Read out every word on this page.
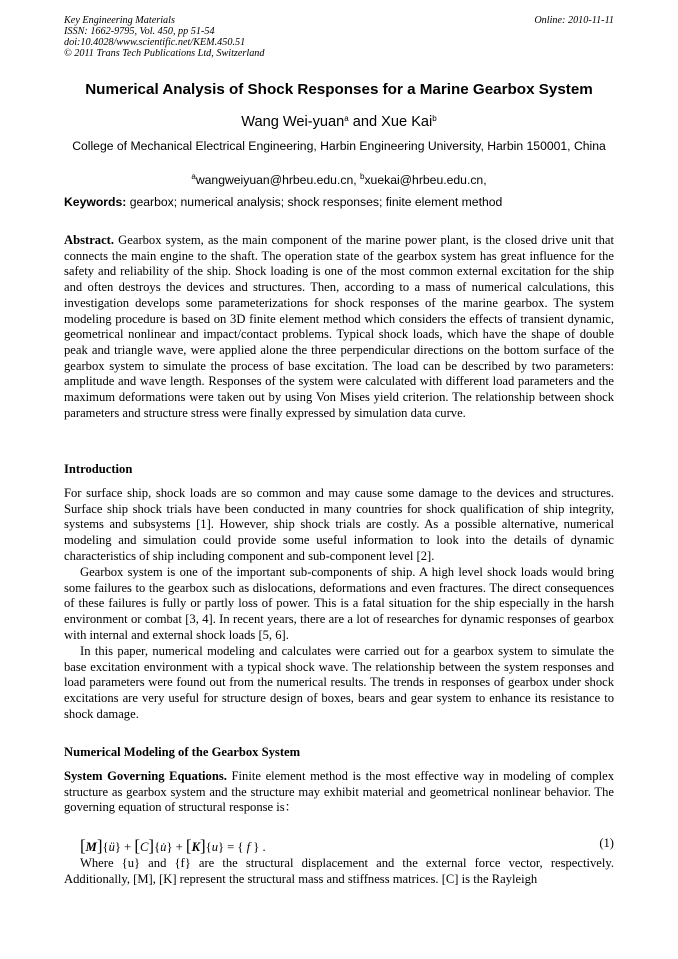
Key Engineering Materials
ISSN: 1662-9795, Vol. 450, pp 51-54
doi:10.4028/www.scientific.net/KEM.450.51
© 2011 Trans Tech Publications Ltd, Switzerland
Online: 2010-11-11
Numerical Analysis of Shock Responses for a Marine Gearbox System
Wang Wei-yuan$^a$ and Xue Kai$^b$
College of Mechanical Electrical Engineering, Harbin Engineering University, Harbin 150001, China

$^a$wangweiyuan@hrbeu.edu.cn, $^b$xuekai@hrbeu.edu.cn,
Keywords: gearbox; numerical analysis; shock responses; finite element method
Abstract. Gearbox system, as the main component of the marine power plant, is the closed drive unit that connects the main engine to the shaft. The operation state of the gearbox system has great influence for the safety and reliability of the ship. Shock loading is one of the most common external excitation for the ship and often destroys the devices and structures. Then, according to a mass of numerical calculations, this investigation develops some parameterizations for shock responses of the marine gearbox. The system modeling procedure is based on 3D finite element method which considers the effects of transient dynamic, geometrical nonlinear and impact/contact problems. Typical shock loads, which have the shape of double peak and triangle wave, were applied alone the three perpendicular directions on the bottom surface of the gearbox system to simulate the process of base excitation. The load can be described by two parameters: amplitude and wave length. Responses of the system were calculated with different load parameters and the maximum deformations were taken out by using Von Mises yield criterion. The relationship between shock parameters and structure stress were finally expressed by simulation data curve.
Introduction
For surface ship, shock loads are so common and may cause some damage to the devices and structures. Surface ship shock trials have been conducted in many countries for shock qualification of ship integrity, systems and subsystems [1]. However, ship shock trials are costly. As a possible alternative, numerical modeling and simulation could provide some useful information to look into the details of dynamic characteristics of ship including component and sub-component level [2].
Gearbox system is one of the important sub-components of ship. A high level shock loads would bring some failures to the gearbox such as dislocations, deformations and even fractures. The direct consequences of these failures is fully or partly loss of power. This is a fatal situation for the ship especially in the harsh environment or combat [3, 4]. In recent years, there are a lot of researches for dynamic responses of gearbox with internal and external shock loads [5, 6].
In this paper, numerical modeling and calculates were carried out for a gearbox system to simulate the base excitation environment with a typical shock wave. The relationship between the system responses and load parameters were found out from the numerical results. The trends in responses of gearbox under shock excitations are very useful for structure design of boxes, bears and gear system to enhance its resistance to shock damage.
Numerical Modeling of the Gearbox System
System Governing Equations. Finite element method is the most effective way in modeling of complex structure as gearbox system and the structure may exhibit material and geometrical nonlinear behavior. The governing equation of structural response is：
[M]{ü} + [C]{u̇} + [K]{u} = { f } .	(1)
Where {u} and {f} are the structural displacement and the external force vector, respectively. Additionally, [M], [K] represent the structural mass and stiffness matrices. [C] is the Rayleigh
